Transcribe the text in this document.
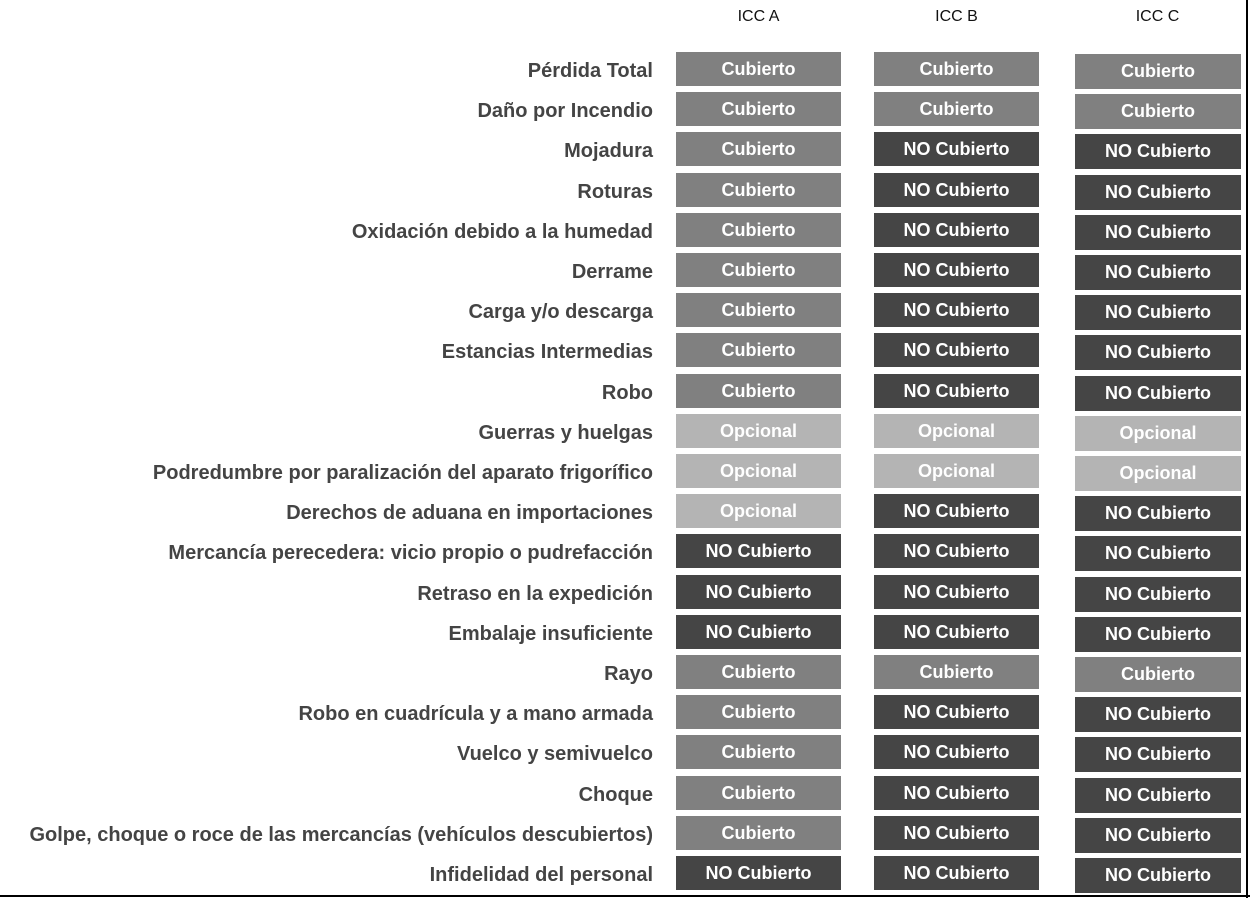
ICC A	ICC B	ICC C
Pérdida Total	Cubierto	Cubierto	Cubierto
Daño por Incendio	Cubierto	Cubierto	Cubierto
Mojadura	Cubierto	NO Cubierto	NO Cubierto
Roturas	Cubierto	NO Cubierto	NO Cubierto
Oxidación debido a la humedad	Cubierto	NO Cubierto	NO Cubierto
Derrame	Cubierto	NO Cubierto	NO Cubierto
Carga y/o descarga	Cubierto	NO Cubierto	NO Cubierto
Estancias Intermedias	Cubierto	NO Cubierto	NO Cubierto
Robo	Cubierto	NO Cubierto	NO Cubierto
Guerras y huelgas	Opcional	Opcional	Opcional
Podredumbre por paralización del aparato frigorífico	Opcional	Opcional	Opcional
Derechos de aduana en importaciones	Opcional	NO Cubierto	NO Cubierto
Mercancía perecedera: vicio propio o pudrefacción	NO Cubierto	NO Cubierto	NO Cubierto
Retraso en la expedición	NO Cubierto	NO Cubierto	NO Cubierto
Embalaje insuficiente	NO Cubierto	NO Cubierto	NO Cubierto
Rayo	Cubierto	Cubierto	Cubierto
Robo en cuadrícula y a mano armada	Cubierto	NO Cubierto	NO Cubierto
Vuelco y semivuelco	Cubierto	NO Cubierto	NO Cubierto
Choque	Cubierto	NO Cubierto	NO Cubierto
Golpe, choque o roce de las mercancías (vehículos descubiertos)	Cubierto	NO Cubierto	NO Cubierto
Infidelidad del personal	NO Cubierto	NO Cubierto	NO Cubierto
